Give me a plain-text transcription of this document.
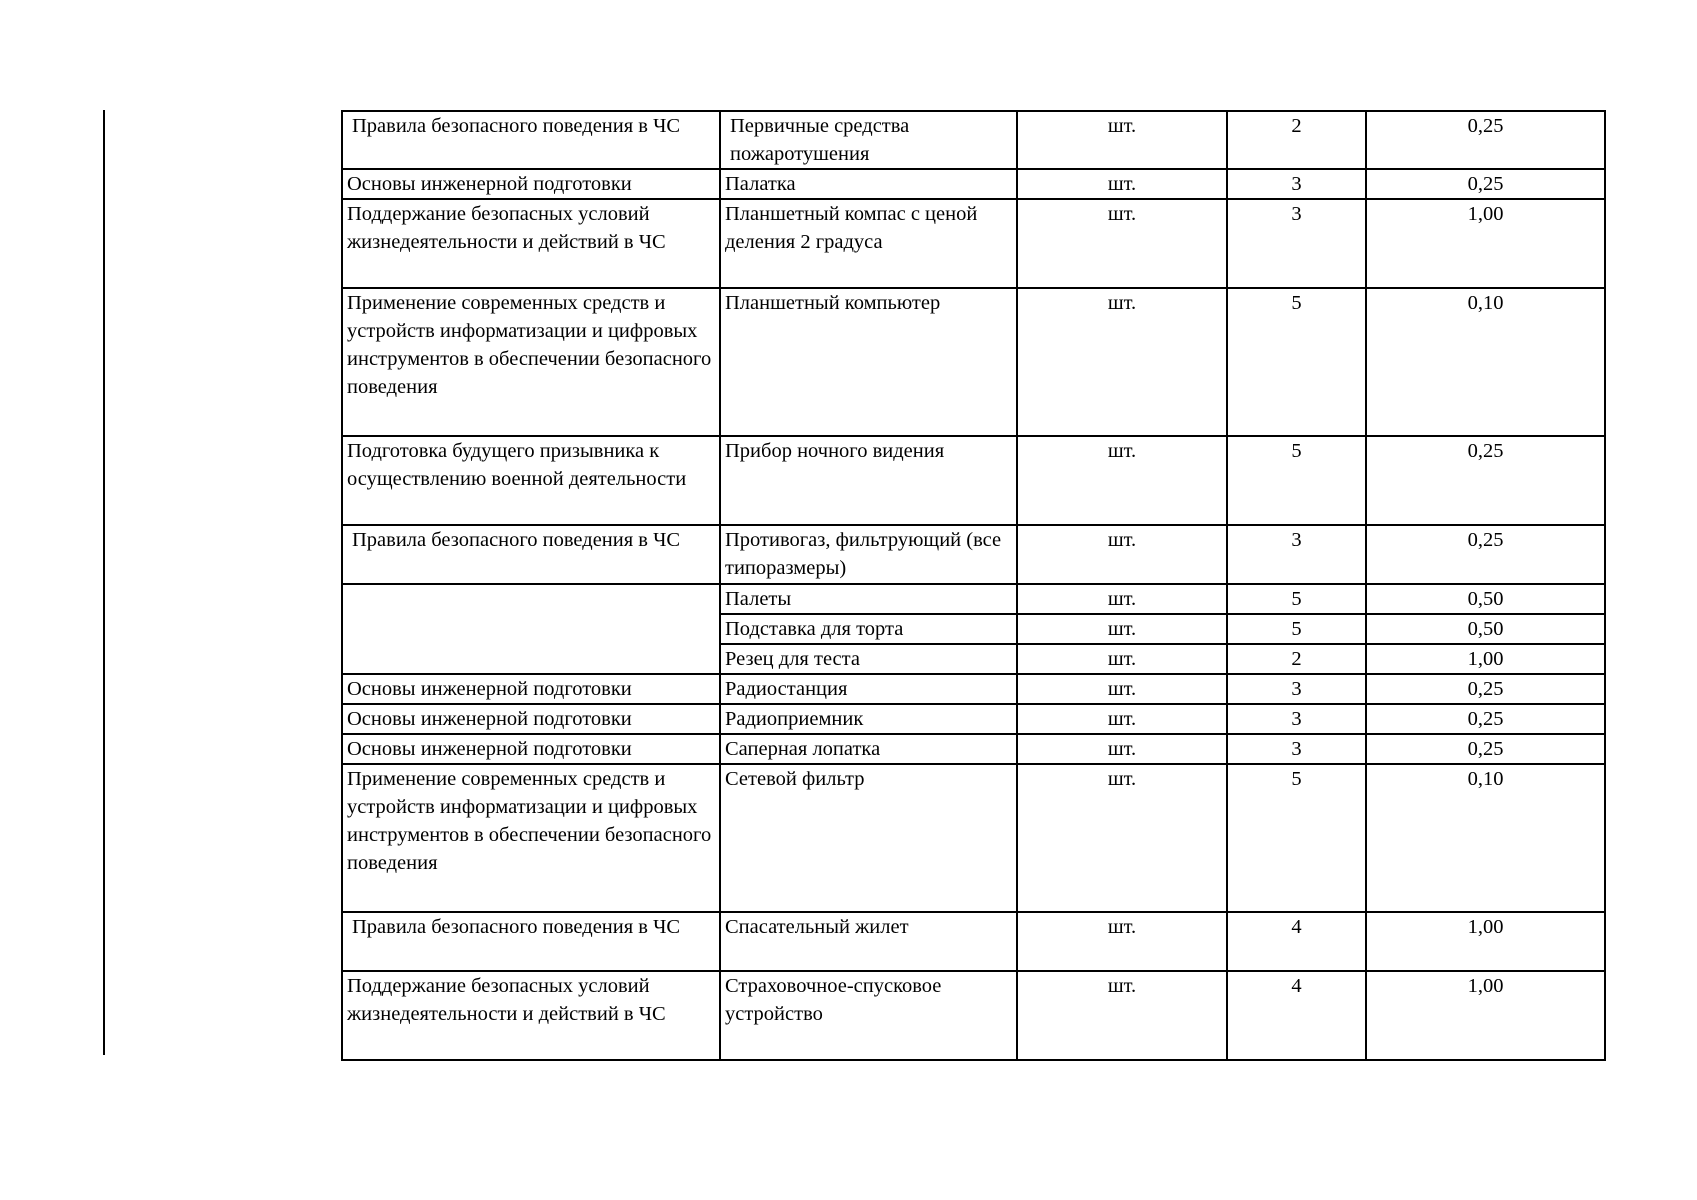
Правила безопасного поведения в ЧС	Первичные средства пожаротушения	шт.	2	0,25
Основы инженерной подготовки	Палатка	шт.	3	0,25
Поддержание безопасных условий жизнедеятельности и действий в ЧС	Планшетный компас с ценой деления 2 градуса	шт.	3	1,00
Применение современных средств и устройств информатизации и цифровых инструментов в обеспечении безопасного поведения	Планшетный компьютер	шт.	5	0,10
Подготовка будущего призывника к осуществлению военной деятельности	Прибор ночного видения	шт.	5	0,25
Правила безопасного поведения в ЧС	Противогаз, фильтрующий (все типоразмеры)	шт.	3	0,25
	Палеты	шт.	5	0,50
	Подставка для торта	шт.	5	0,50
	Резец для теста	шт.	2	1,00
Основы инженерной подготовки	Радиостанция	шт.	3	0,25
Основы инженерной подготовки	Радиоприемник	шт.	3	0,25
Основы инженерной подготовки	Саперная лопатка	шт.	3	0,25
Применение современных средств и устройств информатизации и цифровых инструментов в обеспечении безопасного поведения	Сетевой фильтр	шт.	5	0,10
Правила безопасного поведения в ЧС	Спасательный жилет	шт.	4	1,00
Поддержание безопасных условий жизнедеятельности и действий в ЧС	Страховочное-спусковое устройство	шт.	4	1,00
